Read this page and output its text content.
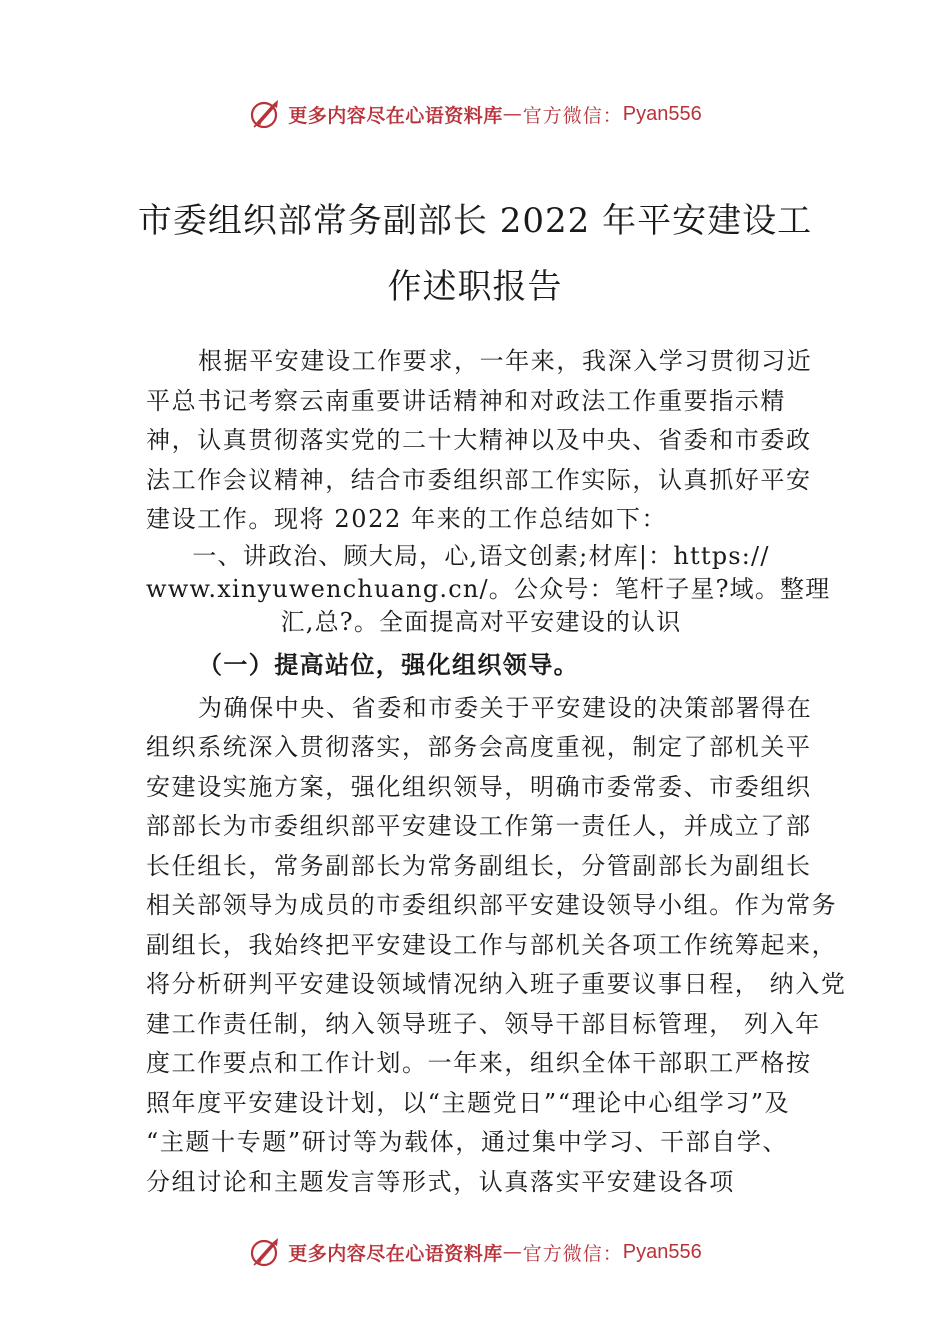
更多内容尽在心语资料库 — 官方微信： Pyan556
市委组织部常务副部长 2022 年平安建设工
作述职报告

根据平安建设工作要求，一年来，我深入学习贯彻习近
平总书记考察云南重要讲话精神和对政法工作重要指示精
神，认真贯彻落实党的二十大精神以及中央、省委和市委政
法工作会议精神，结合市委组织部工作实际，认真抓好平安
建设工作。现将 2022 年来的工作总结如下：

一、讲政治、顾大局，心,语文创素;材库|：https://
www.xinyuwenchuang.cn/。公众号：笔杆子星?域。整理
汇,总?。全面提高对平安建设的认识
（一）提高站位，强化组织领导。

为确保中央、省委和市委关于平安建设的决策部署得在
组织系统深入贯彻落实，部务会高度重视，制定了部机关平
安建设实施方案，强化组织领导，明确市委常委、市委组织
部部长为市委组织部平安建设工作第一责任人，并成立了部
长任组长，常务副部长为常务副组长，分管副部长为副组长
相关部领导为成员的市委组织部平安建设领导小组。作为常务
副组长，我始终把平安建设工作与部机关各项工作统筹起来，
将分析研判平安建设领域情况纳入班子重要议事日程， 纳入党
建工作责任制，纳入领导班子、领导干部目标管理， 列入年
度工作要点和工作计划。一年来，组织全体干部职工严格按
照年度平安建设计划，以“主题党日”“理论中心组学习”及
“主题十专题”研讨等为载体，通过集中学习、干部自学、
分组讨论和主题发言等形式，认真落实平安建设各项

更多内容尽在心语资料库 — 官方微信： Pyan556
